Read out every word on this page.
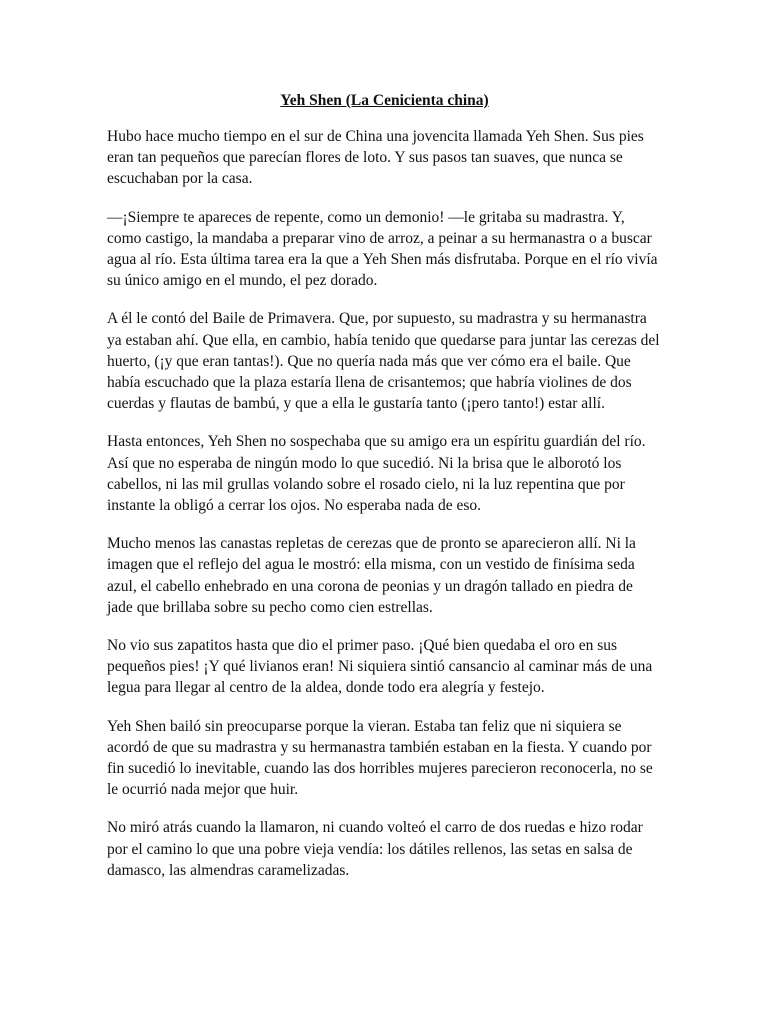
Yeh Shen (La Cenicienta china)

Hubo hace mucho tiempo en el sur de China una jovencita llamada Yeh Shen. Sus pies eran tan pequeños que parecían flores de loto. Y sus pasos tan suaves, que nunca se escuchaban por la casa.

—¡Siempre te apareces de repente, como un demonio! —le gritaba su madrastra. Y, como castigo, la mandaba a preparar vino de arroz, a peinar a su hermanastra o a buscar agua al río. Esta última tarea era la que a Yeh Shen más disfrutaba. Porque en el río vivía su único amigo en el mundo, el pez dorado.

A él le contó del Baile de Primavera. Que, por supuesto, su madrastra y su hermanastra ya estaban ahí. Que ella, en cambio, había tenido que quedarse para juntar las cerezas del huerto, (¡y que eran tantas!). Que no quería nada más que ver cómo era el baile. Que había escuchado que la plaza estaría llena de crisantemos; que habría violines de dos cuerdas y flautas de bambú, y que a ella le gustaría tanto (¡pero tanto!) estar allí.

Hasta entonces, Yeh Shen no sospechaba que su amigo era un espíritu guardián del río. Así que no esperaba de ningún modo lo que sucedió. Ni la brisa que le alborotó los cabellos, ni las mil grullas volando sobre el rosado cielo, ni la luz repentina que por instante la obligó a cerrar los ojos. No esperaba nada de eso.

Mucho menos las canastas repletas de cerezas que de pronto se aparecieron allí. Ni la imagen que el reflejo del agua le mostró: ella misma, con un vestido de finísima seda azul, el cabello enhebrado en una corona de peonias y un dragón tallado en piedra de jade que brillaba sobre su pecho como cien estrellas.

No vio sus zapatitos hasta que dio el primer paso. ¡Qué bien quedaba el oro en sus pequeños pies! ¡Y qué livianos eran! Ni siquiera sintió cansancio al caminar más de una legua para llegar al centro de la aldea, donde todo era alegría y festejo.

Yeh Shen bailó sin preocuparse porque la vieran. Estaba tan feliz que ni siquiera se acordó de que su madrastra y su hermanastra también estaban en la fiesta. Y cuando por fin sucedió lo inevitable, cuando las dos horribles mujeres parecieron reconocerla, no se le ocurrió nada mejor que huir.

No miró atrás cuando la llamaron, ni cuando volteó el carro de dos ruedas e hizo rodar por el camino lo que una pobre vieja vendía: los dátiles rellenos, las setas en salsa de damasco, las almendras caramelizadas.
